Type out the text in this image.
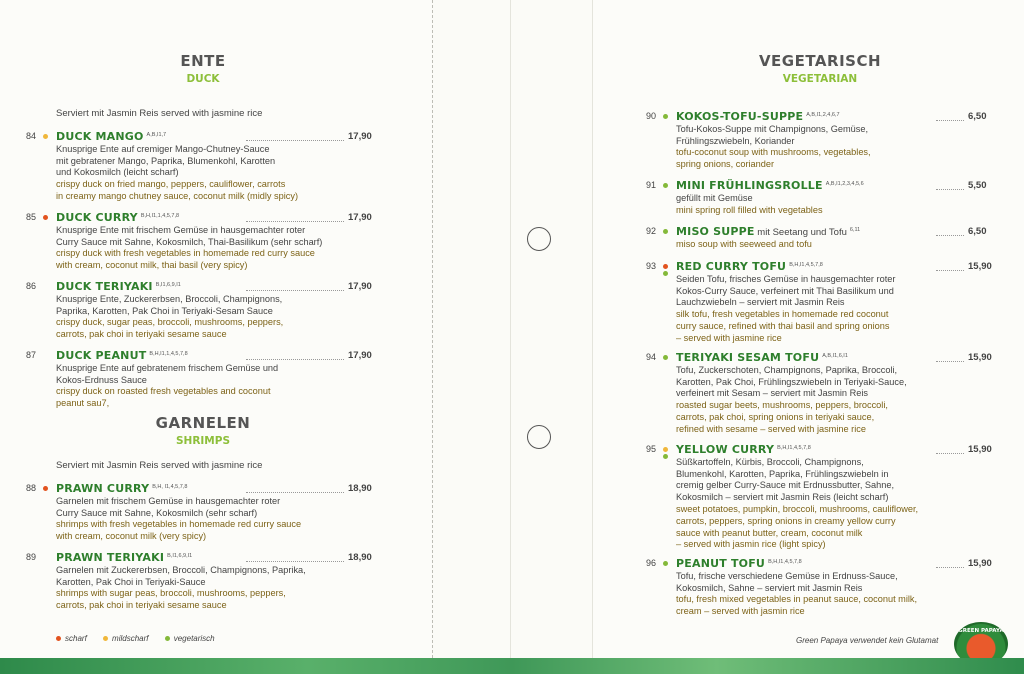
ENTE
DUCK
Serviert mit Jasmin Reis served with jasmine rice
GARNELEN
SHRIMPS
Serviert mit Jasmin Reis served with jasmine rice
VEGETARISCH
VEGETARIAN
scharf	mildscharf	vegetarisch	Green Papaya verwendet kein Glutamat
GREEN PAPAYA
84 DUCK MANGO $^{A,B,I1,7}$	17,90
Knusprige Ente auf cremiger Mango-Chutney-Sauce
mit gebratener Mango, Paprika, Blumenkohl, Karotten
und Kokosmilch (leicht scharf)
crispy duck on fried mango, peppers, cauliflower, carrots
in creamy mango chutney sauce, coconut milk (midly spicy)
85 DUCK CURRY $^{B,H,I1,1,4,5,7,8}$	17,90
Knusprige Ente mit frischem Gemüse in hausgemachter roter
Curry Sauce mit Sahne, Kokosmilch, Thai-Basilikum (sehr scharf)
crispy duck with fresh vegetables in homemade red curry sauce
with cream, coconut milk, thai basil (very spicy)
86 DUCK TERIYAKI $^{B,I1,6,9,I1}$	17,90
Knusprige Ente, Zuckererbsen, Broccoli, Champignons,
Paprika, Karotten, Pak Choi in Teriyaki-Sesam Sauce
crispy duck, sugar peas, broccoli, mushrooms, peppers,
carrots, pak choi in teriyaki sesame sauce
87 DUCK PEANUT $^{B,H,I1,1,4,5,7,8}$	17,90
Knusprige Ente auf gebratenem frischem Gemüse und
Kokos-Erdnuss Sauce
crispy duck on roasted fresh vegetables and coconut
peanut sau7,
88 PRAWN CURRY $^{B,H, I1,4,5,7,8}$	18,90
Garnelen mit frischem Gemüse in hausgemachter roter
Curry Sauce mit Sahne, Kokosmilch (sehr scharf)
shrimps with fresh vegetables in homemade red curry sauce
with cream, coconut milk (very spicy)
89 PRAWN TERIYAKI $^{B,I1,6,9,I1}$	18,90
Garnelen mit Zuckererbsen, Broccoli, Champignons, Paprika,
Karotten, Pak Choi in Teriyaki-Sauce
shrimps with sugar peas, broccoli, mushrooms, peppers,
carrots, pak choi in teriyaki sesame sauce
90 KOKOS-TOFU-SUPPE $^{A,B,I1,2,4,6,7}$	6,50
Tofu-Kokos-Suppe mit Champignons, Gemüse,
Frühlingszwiebeln, Koriander
tofu-coconut soup with mushrooms, vegetables,
spring onions, coriander
91 MINI FRÜHLINGSROLLE $^{A,B,I1,2,3,4,5,6}$	5,50
gefüllt mit Gemüse
mini spring roll filled with vegetables
92 MISO SUPPE mit Seetang und Tofu $^{6,11}$	6,50
miso soup with seeweed and tofu
93 RED CURRY TOFU $^{B,H,I1,4,5,7,8}$	15,90
Seiden Tofu, frisches Gemüse in hausgemachter roter
Kokos-Curry Sauce, verfeinert mit Thai Basilikum und
Lauchzwiebeln – serviert mit Jasmin Reis
silk tofu, fresh vegetables in homemade red coconut
curry sauce, refined with thai basil and spring onions
– served with jasmine rice
94 TERIYAKI SESAM TOFU $^{A,B,I1,6,I1}$	15,90
Tofu, Zuckerschoten, Champignons, Paprika, Broccoli,
Karotten, Pak Choi, Frühlingszwiebeln in Teriyaki-Sauce,
verfeinert mit Sesam – serviert mit Jasmin Reis
roasted sugar beets, mushrooms, peppers, broccoli,
carrots, pak choi, spring onions in teriyaki sauce,
refined with sesame – served with jasmine rice
95 YELLOW CURRY $^{B,H,I1,4,5,7,8}$	15,90
Süßkartoffeln, Kürbis, Broccoli, Champignons,
Blumenkohl, Karotten, Paprika, Frühlingszwiebeln in
cremig gelber Curry-Sauce mit Erdnussbutter, Sahne,
Kokosmilch – serviert mit Jasmin Reis (leicht scharf)
sweet potatoes, pumpkin, broccoli, mushrooms, cauliflower,
carrots, peppers, spring onions in creamy yellow curry
sauce with peanut butter, cream, coconut milk
– served with jasmin rice (light spicy)
96 PEANUT TOFU $^{B,H,I1,4,5,7,8}$	15,90
Tofu, frische verschiedene Gemüse in Erdnuss-Sauce,
Kokosmilch, Sahne – serviert mit Jasmin Reis
tofu, fresh mixed vegetables in peanut sauce, coconut milk,
cream – served with jasmin rice
